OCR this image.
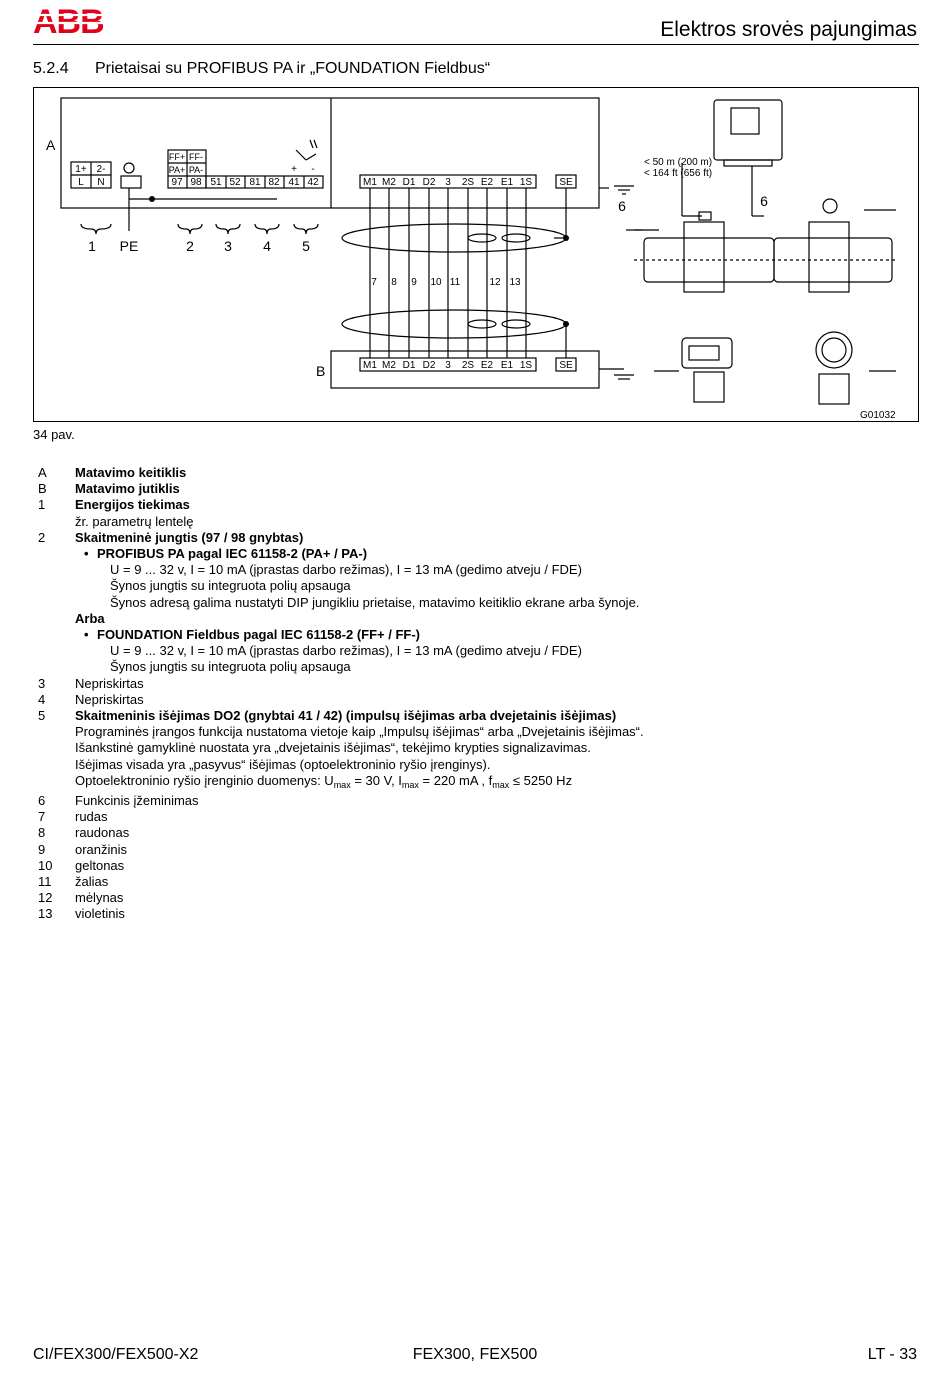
ABB	Elektros srovės pajungimas
5.2.4 Prietaisai su PROFIBUS PA ir „FOUNDATION Fieldbus“
A
B
1+ 2-
L N
FF+ FF-
PA+ PA-
97 98 51 52 81 82 41 42
+ -
M1 M2 D1 D2 3 2S E2 E1 1S	SE
M1 M2 D1 D2 3 2S E2 E1 1S	SE
7 8 9 10 11	12 13
1 PE	2 3 4 5
6	6
< 50 m (200 m)
< 164 ft (656 ft)
G01032
34 pav.
A	Matavimo keitiklis
B	Matavimo jutiklis
1	Energijos tiekimas
žr. parametrų lentelę
2	Skaitmeninė jungtis (97 / 98 gnybtas)
• PROFIBUS PA pagal IEC 61158-2 (PA+ / PA-)
U = 9 ... 32 v, I = 10 mA (įprastas darbo režimas), I = 13 mA (gedimo atveju / FDE)
Šynos jungtis su integruota polių apsauga
Šynos adresą galima nustatyti DIP jungikliu prietaise, matavimo keitiklio ekrane arba šynoje.
Arba
• FOUNDATION Fieldbus pagal IEC 61158-2 (FF+ / FF-)
U = 9 ... 32 v, I = 10 mA (įprastas darbo režimas), I = 13 mA (gedimo atveju / FDE)
Šynos jungtis su integruota polių apsauga
3	Nepriskirtas
4	Nepriskirtas
5	Skaitmeninis išėjimas DO2 (gnybtai 41 / 42) (impulsų išėjimas arba dvejetainis išėjimas)
Programinės įrangos funkcija nustatoma vietoje kaip „Impulsų išėjimas“ arba „Dvejetainis išėjimas“.
Išankstinė gamyklinė nuostata yra „dvejetainis išėjimas“, tekėjimo krypties signalizavimas.
Išėjimas visada yra „pasyvus“ išėjimas (optoelektroninio ryšio įrenginys).
Optoelektroninio ryšio įrenginio duomenys: $U_{max} = 30$ V, $I_{max} = 220$ mA , $f_{max} \le 5250$ Hz
6	Funkcinis įžeminimas
7	rudas
8	raudonas
9	oranžinis
10	geltonas
11	žalias
12	mėlynas
13	violetinis
CI/FEX300/FEX500-X2	FEX300, FEX500	LT - 33
